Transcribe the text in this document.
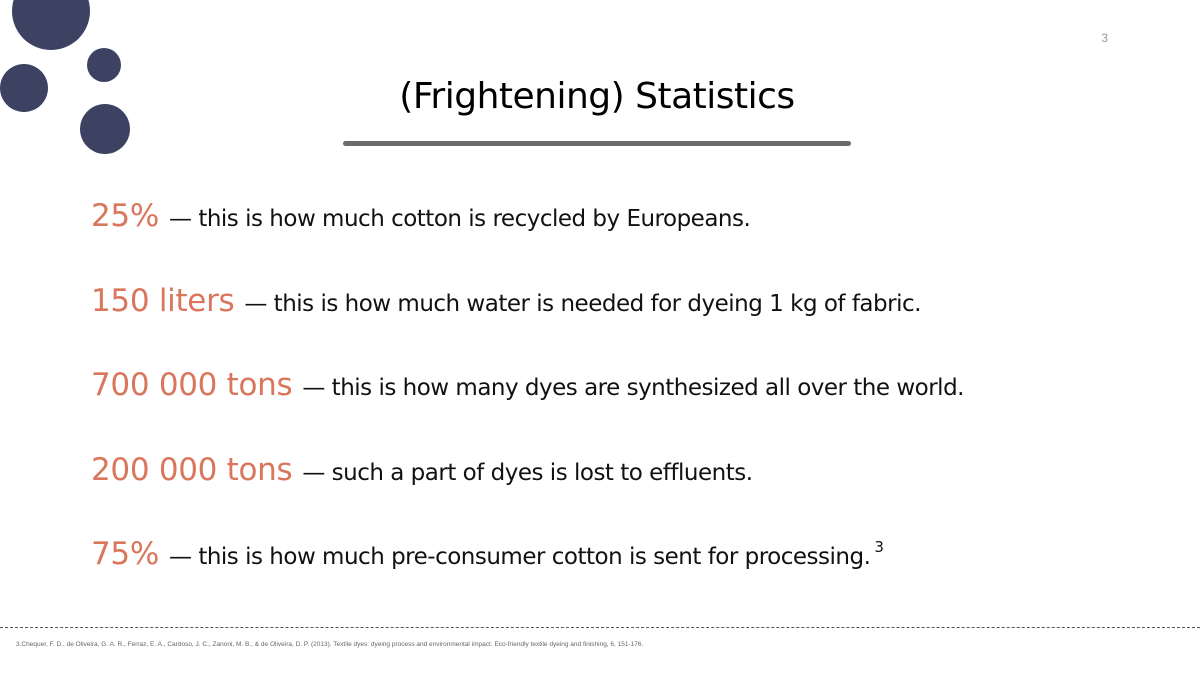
3
(Frightening) Statistics
25% — this is how much cotton is recycled by Europeans.
150 liters — this is how much water is needed for dyeing 1 kg of fabric.
700 000 tons — this is how many dyes are synthesized all over the world.
200 000 tons — such a part of dyes is lost to effluents.
75% — this is how much pre-consumer cotton is sent for processing. 3
3.Chequer, F. D., de Oliveira, G. A. R., Ferraz, E. A., Cardoso, J. C., Zanoni, M. B., & de Oliveira, D. P. (2013). Textile dyes: dyeing process and environmental impact. Eco-friendly textile dyeing and finishing, 6, 151-176.
